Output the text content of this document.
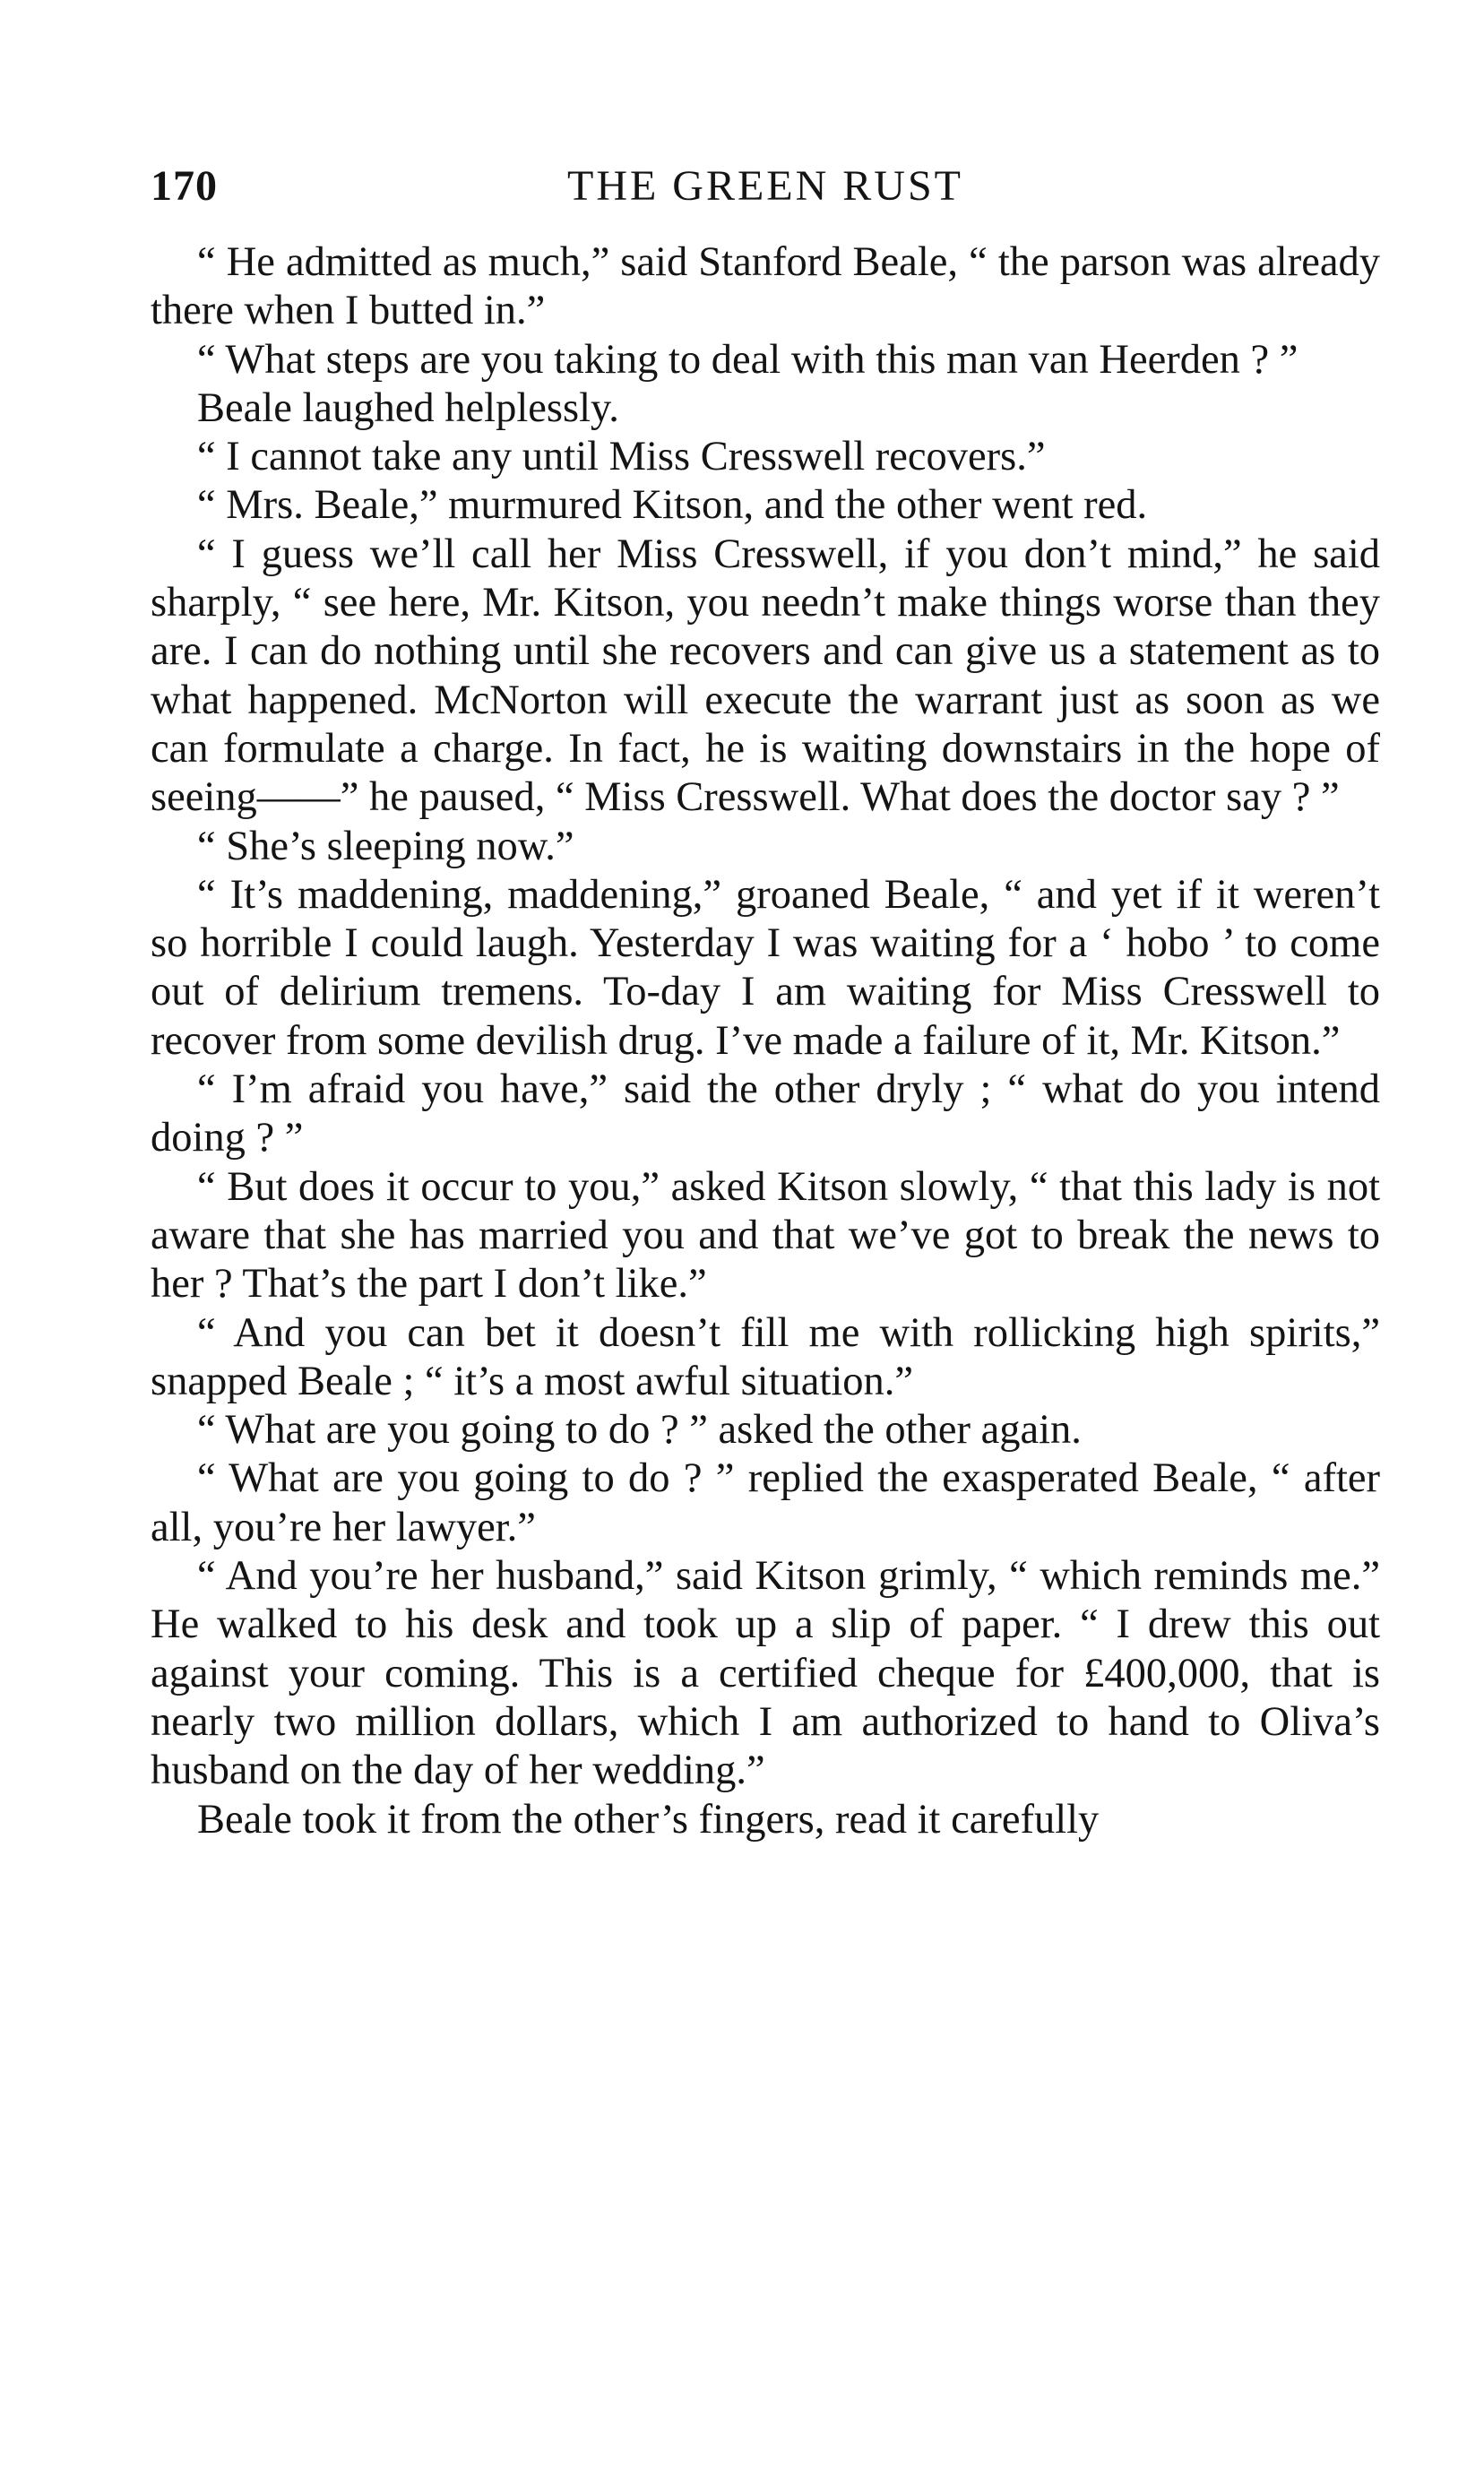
170	THE GREEN RUST

“ He admitted as much,” said Stanford Beale, “ the parson was already there when I butted in.”

“ What steps are you taking to deal with this man van Heerden ? ”

Beale laughed helplessly.

“ I cannot take any until Miss Cresswell recovers.”

“ Mrs. Beale,” murmured Kitson, and the other went red.

“ I guess we’ll call her Miss Cresswell, if you don’t mind,” he said sharply, “ see here, Mr. Kitson, you needn’t make things worse than they are. I can do nothing until she recovers and can give us a statement as to what happened. McNorton will execute the warrant just as soon as we can formulate a charge. In fact, he is waiting downstairs in the hope of seeing——” he paused, “ Miss Cresswell. What does the doctor say ? ”

“ She’s sleeping now.”

“ It’s maddening, maddening,” groaned Beale, “ and yet if it weren’t so horrible I could laugh. Yesterday I was waiting for a ‘ hobo ’ to come out of delirium tremens. To-day I am waiting for Miss Cresswell to recover from some devilish drug. I’ve made a failure of it, Mr. Kitson.”

“ I’m afraid you have,” said the other dryly ; “ what do you intend doing ? ”

“ But does it occur to you,” asked Kitson slowly, “ that this lady is not aware that she has married you and that we’ve got to break the news to her ? That’s the part I don’t like.”

“ And you can bet it doesn’t fill me with rollicking high spirits,” snapped Beale ; “ it’s a most awful situation.”

“ What are you going to do ? ” asked the other again.

“ What are you going to do ? ” replied the exasperated Beale, “ after all, you’re her lawyer.”

“ And you’re her husband,” said Kitson grimly, “ which reminds me.” He walked to his desk and took up a slip of paper. “ I drew this out against your coming. This is a certified cheque for £400,000, that is nearly two million dollars, which I am authorized to hand to Oliva’s husband on the day of her wedding.”

Beale took it from the other’s fingers, read it carefully
